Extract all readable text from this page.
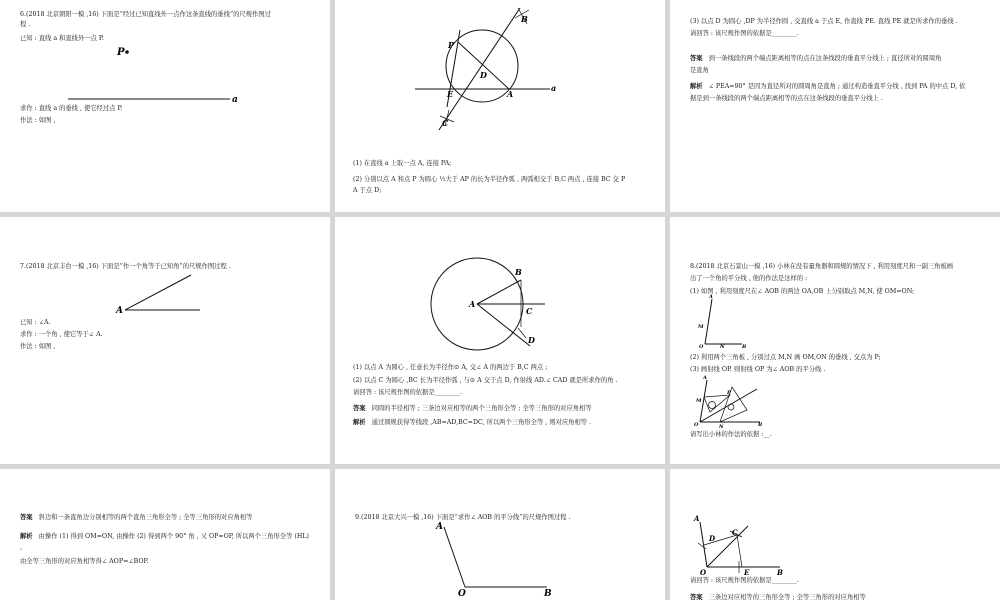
6.(2018 北京朝阳一模 ,16) 下面是“经过已知直线外一点作这条直线的垂线”的尺规作图过
程 .
已知 : 直线 a 和直线外一点 P.
P
a
求作 : 直线 a 的垂线 , 使它经过点 P.
作法 : 如图 ,
B
P
D
E	A
a
C
(1) 在直线 a 上取一点 A, 连接 PA;
(2) 分别以点 A 和点 P 为圆心 ½大于 AP 的长为半径作弧 , 两弧相交于 B,C 两点 , 连接 BC 交 P
A 于点 D;
(3) 以点 D 为圆心 ,DP 为半径作圆 , 交直线 a 于点 E, 作直线 PE. 直线 PE 就是所求作的垂线 .
请回答 : 该尺规作图的依据是________.
答案 到一条线段的两个端点距离相等的点在这条线段的垂直平分线上 ; 直径所对的圆周角
是直角
解析 ∠ PEA=90° 是因为直径所对的圆周角是直角 ; 通过构造垂直平分线 , 找到 PA 的中点 D, 依
据是到一条线段的两个端点距离相等的点在这条线段的垂直平分线上 .
7.(2018 北京丰台一模 ,16) 下面是“作一个角等于已知角”的尺规作图过程 .
A
已知 : ∠A.
求作 : 一个角 , 使它等于∠ A.
作法 : 如图 ,
B
A
C
D
(1) 以点 A 为圆心 , 任意长为半径作⊙ A, 交∠ A 的两边于 B,C 两点 ;
(2) 以点 C 为圆心 ,BC 长为半径作弧 , 与⊙ A 交于点 D, 作射线 AD.∠ CAD 就是所求作的角 .
请回答 : 该尺规作图的依据是________.
答案 同圆的半径相等 ; 三条边对应相等的两个三角形全等 ; 全等三角形的对应角相等
解析 通过圆规获得等线段 ,AB=AD,BC=DC, 所以两个三角形全等 , 则对应角相等 .
8.(2018 北京石景山一模 ,16) 小林在没有量角器和圆规的情况下 , 利用刻度尺和一副三角板画
出了一个角的平分线 , 他的作法是这样的 :
(1) 如图 , 利用刻度尺在∠ AOB 的两边 OA,OB 上分别取点 M,N, 使 OM=ON;
A
M
O	N	B
(2) 利用两个三角板 , 分别过点 M,N 画 OM,ON 的垂线 , 交点为 P;
(3) 画射线 OP. 则射线 OP 为∠ AOB 的平分线 .
A
M
O	N	B
P
请写出小林的作法的依据 :__.
答案 斜边和一条直角边分别相等的两个直角三角形全等 ; 全等三角形的对应角相等
解析 由操作 (1) 得到 OM=ON, 由操作 (2) 得到两个 90° 角 , 又 OP=OP, 所以两个三角形全等 (HL)
,
由全等三角形的对应角相等得∠ AOP=∠BOP.
9.(2018 北京大兴一模 ,16) 下面是“求作∠ AOB 的平分线”的尺规作图过程 .
A
O	B
A
D
C
O	E	B
请回答 : 该尺规作图的依据是________.
答案 三条边对应相等的三角形全等 ; 全等三角形的对应角相等
